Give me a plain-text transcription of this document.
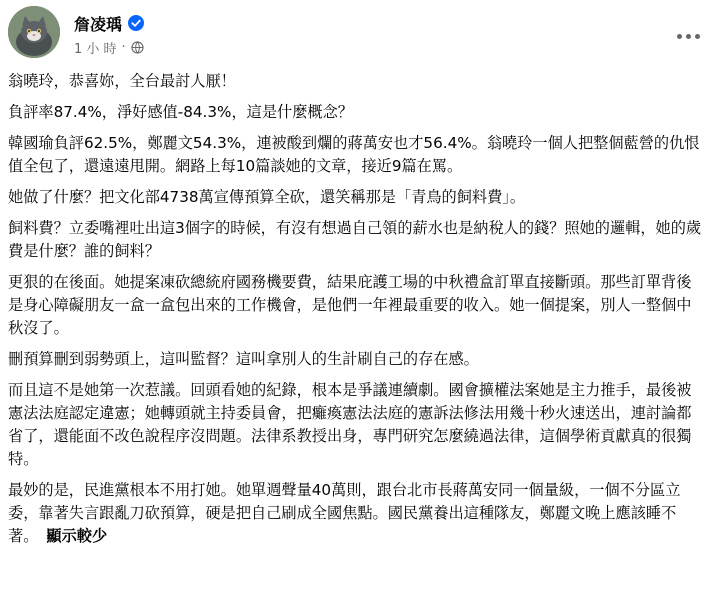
詹凌瑀
1 小 時 ·

翁曉玲，恭喜妳，全台最討人厭！

負評率87.4%，淨好感值-84.3%，這是什麼概念？

韓國瑜負評62.5%，鄭麗文54.3%，連被酸到爛的蔣萬安也才56.4%。翁曉玲一個人把整個藍營的仇恨值全包了，還遠遠甩開。網路上每10篇談她的文章，接近9篇在罵。

她做了什麼？把文化部4738萬宣傳預算全砍，還笑稱那是「青鳥的飼料費」。

飼料費？立委嘴裡吐出這3個字的時候，有沒有想過自己領的薪水也是納稅人的錢？照她的邏輯，她的歲費是什麼？誰的飼料？

更狠的在後面。她提案凍砍總統府國務機要費，結果庇護工場的中秋禮盒訂單直接斷頭。那些訂單背後是身心障礙朋友一盒一盒包出來的工作機會，是他們一年裡最重要的收入。她一個提案，別人一整個中秋沒了。

刪預算刪到弱勢頭上，這叫監督？這叫拿別人的生計刷自己的存在感。

而且這不是她第一次惹議。回頭看她的紀錄，根本是爭議連續劇。國會擴權法案她是主力推手，最後被憲法法庭認定違憲；她轉頭就主持委員會，把癱瘓憲法法庭的憲訴法修法用幾十秒火速送出，連討論都省了，還能面不改色說程序沒問題。法律系教授出身，專門研究怎麼繞過法律，這個學術貢獻真的很獨特。

最妙的是，民進黨根本不用打她。她單週聲量40萬則，跟台北市長蔣萬安同一個量級，一個不分區立委，靠著失言跟亂刀砍預算，硬是把自己刷成全國焦點。國民黨養出這種隊友，鄭麗文晚上應該睡不著。 顯示較少
